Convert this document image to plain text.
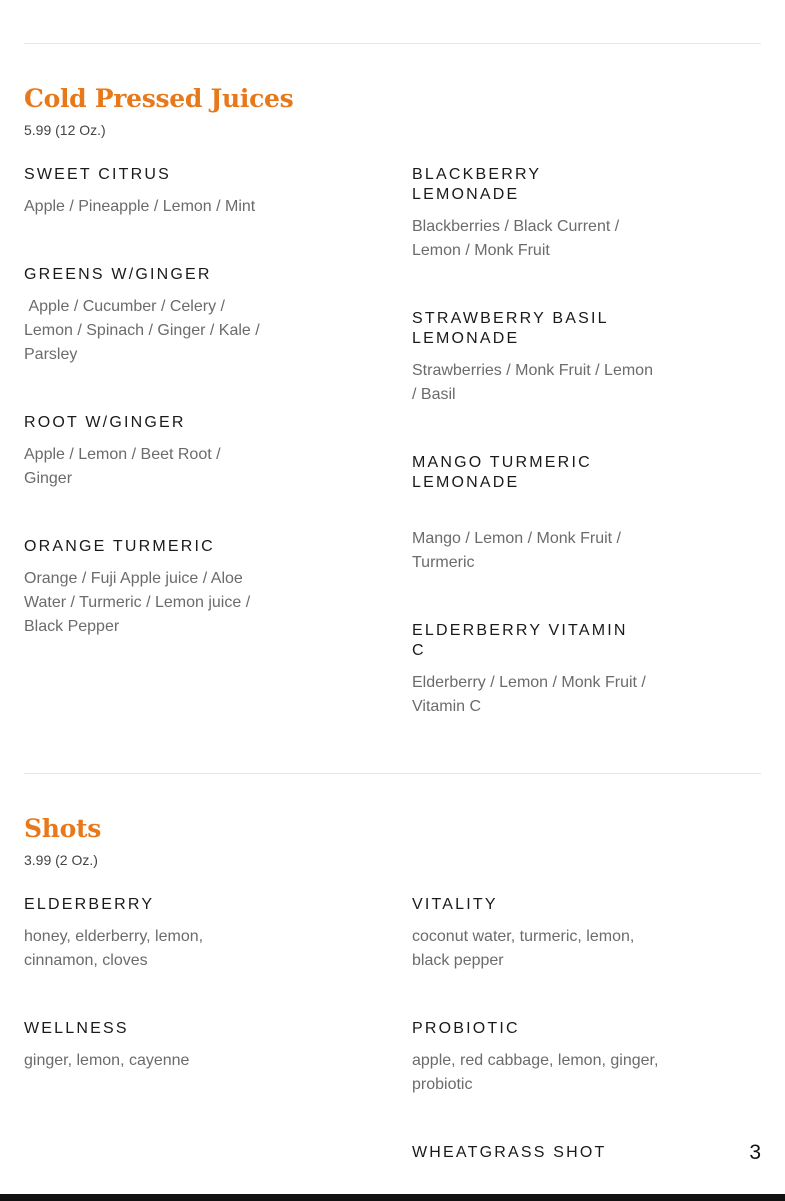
Cold Pressed Juices
5.99 (12 Oz.)
SWEET CITRUS
Apple / Pineapple / Lemon / Mint
GREENS W/GINGER
Apple / Cucumber / Celery / Lemon / Spinach / Ginger / Kale / Parsley
ROOT W/GINGER
Apple / Lemon / Beet Root / Ginger
ORANGE TURMERIC
Orange / Fuji Apple juice / Aloe Water / Turmeric / Lemon juice / Black Pepper
BLACKBERRY LEMONADE
Blackberries / Black Current / Lemon / Monk Fruit
STRAWBERRY BASIL LEMONADE
Strawberries / Monk Fruit / Lemon / Basil
MANGO TURMERIC LEMONADE
Mango / Lemon / Monk Fruit / Turmeric
ELDERBERRY VITAMIN C
Elderberry / Lemon / Monk Fruit / Vitamin C
Shots
3.99 (2 Oz.)
ELDERBERRY
honey, elderberry, lemon, cinnamon, cloves
WELLNESS
ginger, lemon, cayenne
VITALITY
coconut water, turmeric, lemon, black pepper
PROBIOTIC
apple, red cabbage, lemon, ginger, probiotic
WHEATGRASS SHOT	3
